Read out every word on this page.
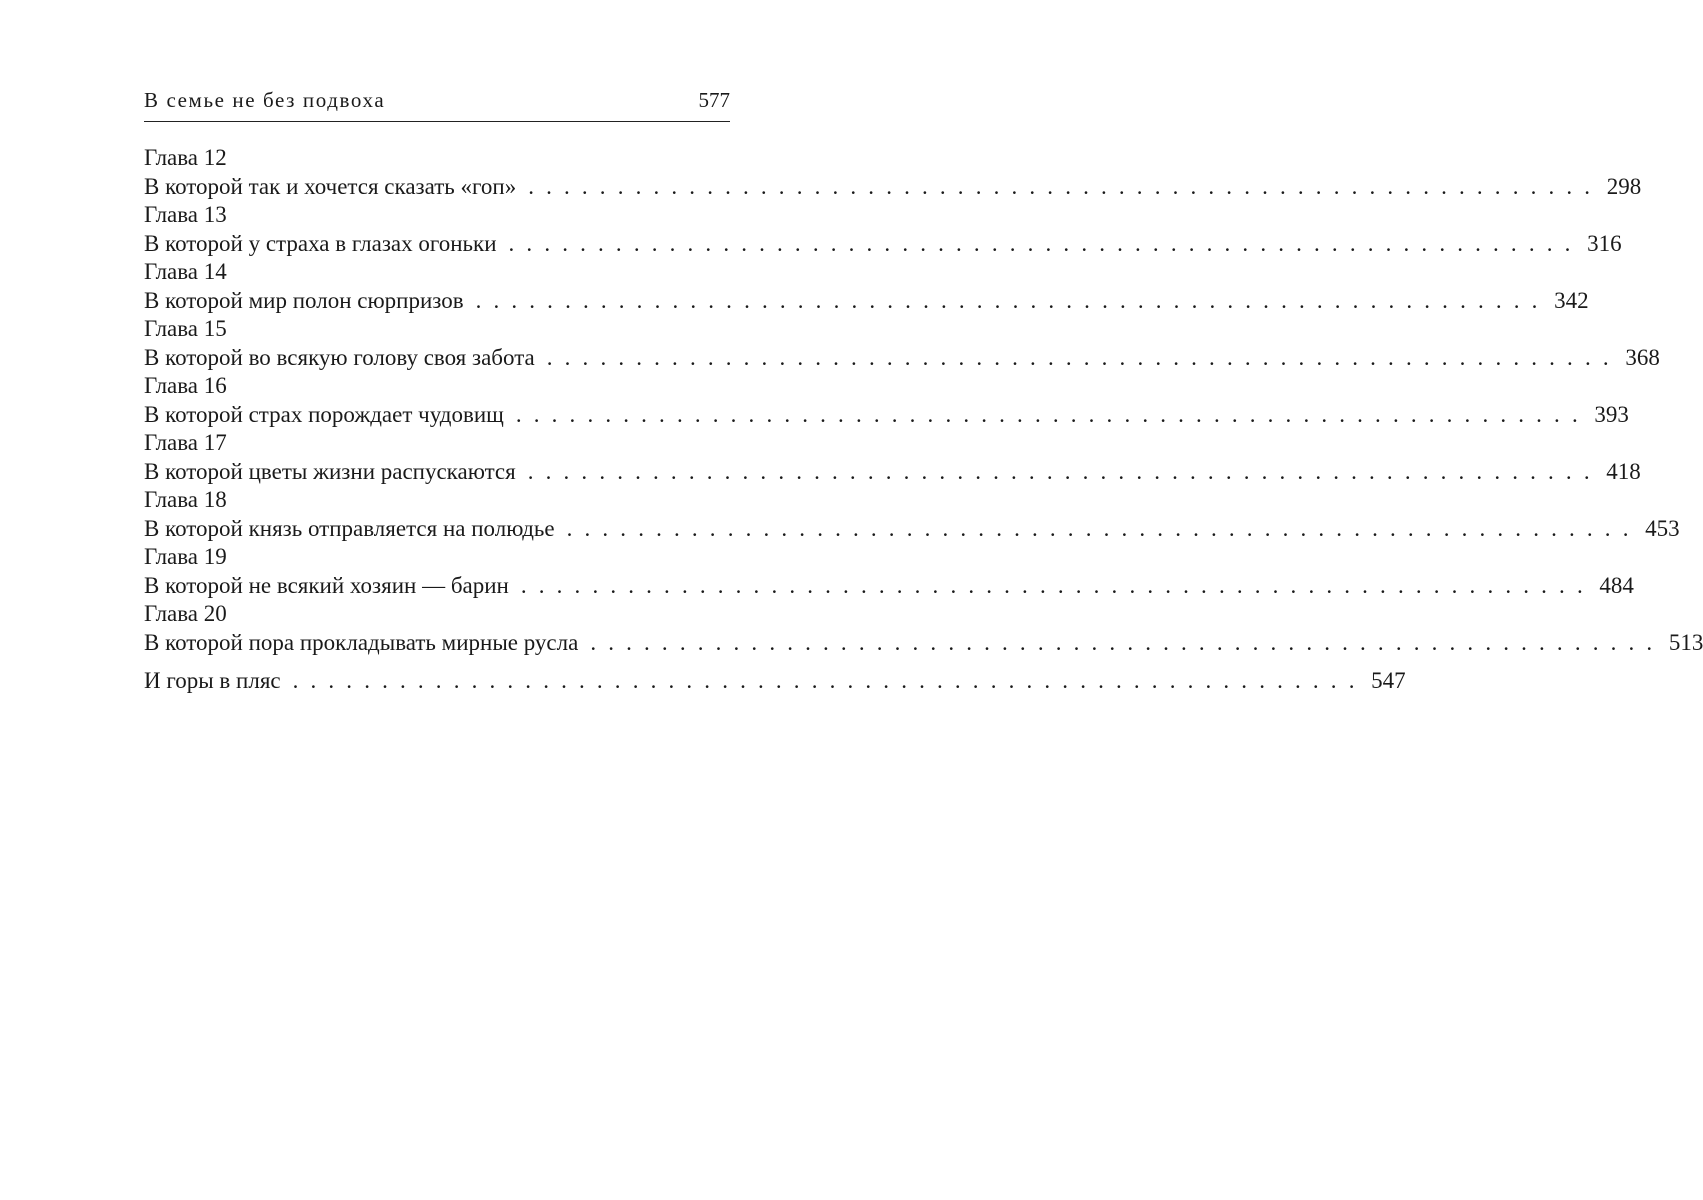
В семье не без подвоха	577
Глава 12
В которой так и хочется сказать «гоп» . . . . . . . . . . . . . . . . . . . . . . . . . . . . . . . . . . . . . . . . . . . . . . . . . . . . . . . . . . . . 298
Глава 13
В которой у страха в глазах огоньки . . . . . . . . . . . . . . . . . . . . . . . . . . . . . . . . . . . . . . . . . . . . . . . . . . . . . . . . . . . . 316
Глава 14
В которой мир полон сюрпризов . . . . . . . . . . . . . . . . . . . . . . . . . . . . . . . . . . . . . . . . . . . . . . . . . . . . . . . . . . . . 342
Глава 15
В которой во всякую голову своя забота . . . . . . . . . . . . . . . . . . . . . . . . . . . . . . . . . . . . . . . . . . . . . . . . . . . . . . . . . . . . 368
Глава 16
В которой страх порождает чудовищ . . . . . . . . . . . . . . . . . . . . . . . . . . . . . . . . . . . . . . . . . . . . . . . . . . . . . . . . . . . . 393
Глава 17
В которой цветы жизни распускаются . . . . . . . . . . . . . . . . . . . . . . . . . . . . . . . . . . . . . . . . . . . . . . . . . . . . . . . . . . . . 418
Глава 18
В которой князь отправляется на полюдье . . . . . . . . . . . . . . . . . . . . . . . . . . . . . . . . . . . . . . . . . . . . . . . . . . . . . . . . . . . . 453
Глава 19
В которой не всякий хозяин — барин . . . . . . . . . . . . . . . . . . . . . . . . . . . . . . . . . . . . . . . . . . . . . . . . . . . . . . . . . . . . 484
Глава 20
В которой пора прокладывать мирные русла . . . . . . . . . . . . . . . . . . . . . . . . . . . . . . . . . . . . . . . . . . . . . . . . . . . . . . . . . . . . 513
И горы в пляс . . . . . . . . . . . . . . . . . . . . . . . . . . . . . . . . . . . . . . . . . . . . . . . . . . . . . . . . . . . . 547
